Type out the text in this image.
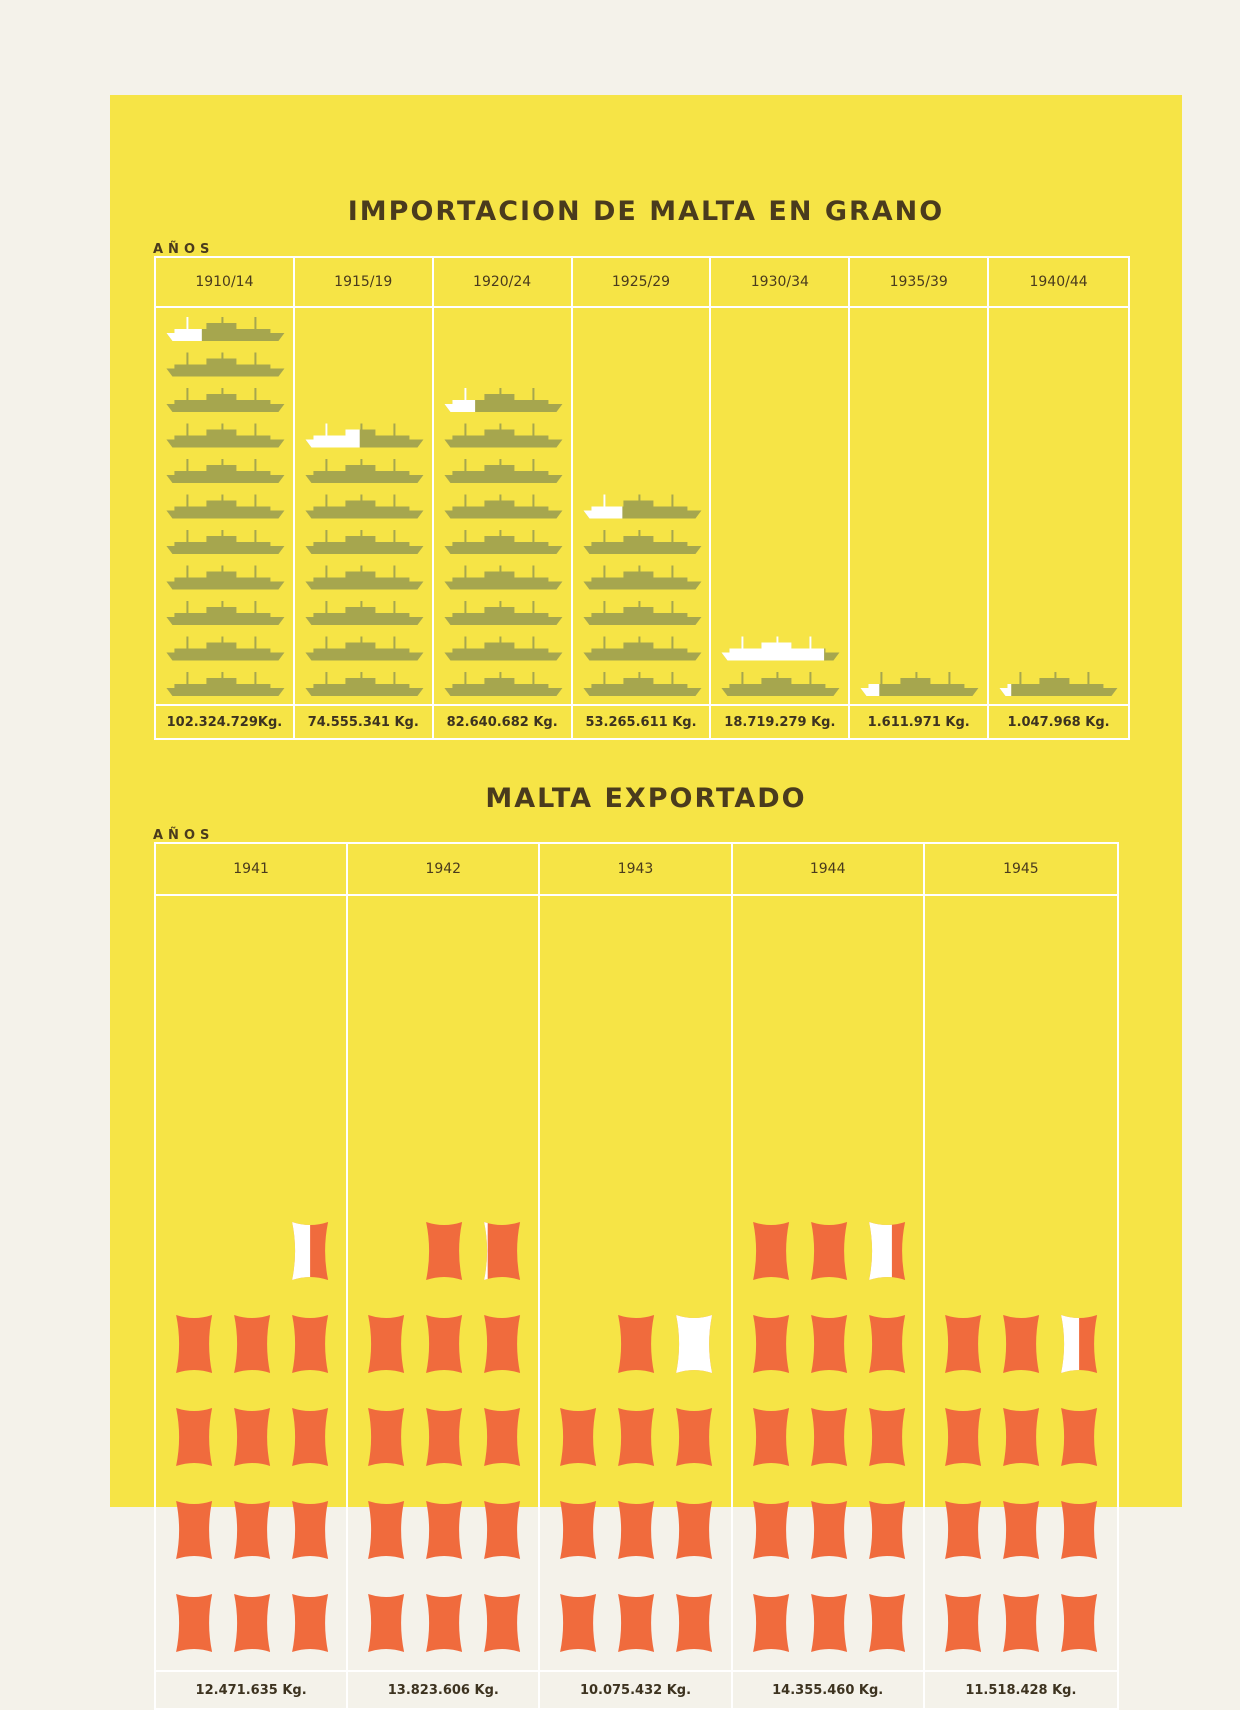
IMPORTACION DE MALTA EN GRANO
AÑOS
1910/14
102.324.729Kg.
1915/19
74.555.341 Kg.
1920/24
82.640.682 Kg.
1925/29
53.265.611 Kg.
1930/34
18.719.279 Kg.
1935/39
1.611.971 Kg.
1940/44
1.047.968 Kg.
MALTA EXPORTADO
AÑOS
1941
12.471.635 Kg.
1942
13.823.606 Kg.
1943
10.075.432 Kg.
1944
14.355.460 Kg.
1945
11.518.428 Kg.
